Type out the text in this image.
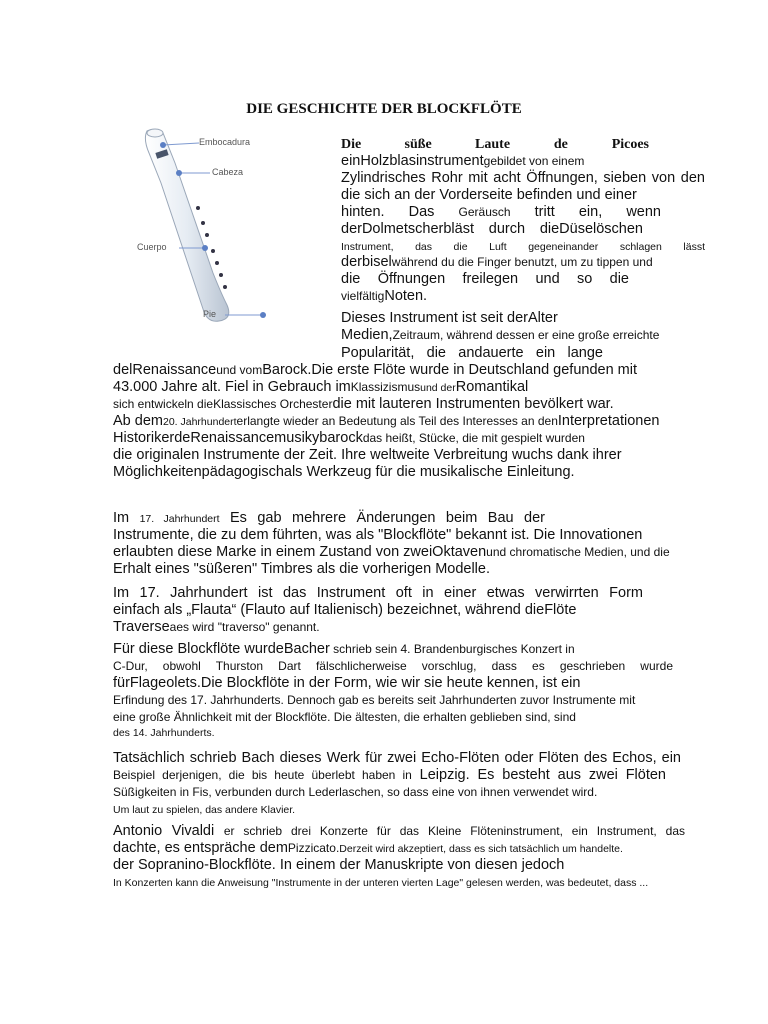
DIE GESCHICHTE DER BLOCKFLÖTE
Embocadura
Cabeza
Cuerpo
Pie
Die süße Laute	de	Picoes
einHolzblasinstrumentgebildet von einem
Zylindrisches Rohr mit acht Öffnungen, sieben von den
die sich an der Vorderseite befinden und einer
hinten. Das Geräusch tritt ein, wenn
derDolmetscherbläst durch dieDüselöschen
Instrument, das die Luft gegeneinander schlagen lässt
derbiselwährend du die Finger benutzt, um zu tippen und
die Öffnungen freilegen und so die
vielfältigNoten.
Dieses Instrument ist seit derAlter
Medien,Zeitraum, während dessen er eine große erreichte
Popularität, die andauerte ein lange
delRenaissanceund vomBarock.Die erste Flöte wurde in Deutschland gefunden mit
43.000 Jahre alt. Fiel in Gebrauch imKlassizismusund derRomantikal
sich entwickeln dieKlassisches Orchesterdie mit lauteren Instrumenten bevölkert war.
Ab dem20. Jahrhunderterlangte wieder an Bedeutung als Teil des Interesses an denInterpretationen
HistorikerdeRenaissancemusikybarockdas heißt, Stücke, die mit gespielt wurden
die originalen Instrumente der Zeit. Ihre weltweite Verbreitung wuchs dank ihrer
Möglichkeitenpädagogischals Werkzeug für die musikalische Einleitung.
Im 17. Jahrhundert Es gab mehrere Änderungen beim Bau der
Instrumente, die zu dem führten, was als "Blockflöte" bekannt ist. Die Innovationen
erlaubten diese Marke in einem Zustand von zweiOktavenund chromatische Medien, und die
Erhalt eines "süßeren" Timbres als die vorherigen Modelle.
Im 17. Jahrhundert ist das Instrument oft in einer etwas verwirrten Form
einfach als „Flauta“ (Flauto auf Italienisch) bezeichnet, während dieFlöte
Traverseaes wird "traverso" genannt.
Für diese Blockflöte wurdeBacher schrieb sein 4. Brandenburgisches Konzert in
C-Dur, obwohl Thurston Dart fälschlicherweise vorschlug, dass es geschrieben wurde
fürFlageolets.Die Blockflöte in der Form, wie wir sie heute kennen, ist ein
Erfindung des 17. Jahrhunderts. Dennoch gab es bereits seit Jahrhunderten zuvor Instrumente mit
eine große Ähnlichkeit mit der Blockflöte. Die ältesten, die erhalten geblieben sind, sind
des 14. Jahrhunderts.
Tatsächlich schrieb Bach dieses Werk für zwei Echo-Flöten oder Flöten des Echos, ein
Beispiel derjenigen, die bis heute überlebt haben in Leipzig. Es besteht aus zwei Flöten
Süßigkeiten in Fis, verbunden durch Lederlaschen, so dass eine von ihnen verwendet wird.
Um laut zu spielen, das andere Klavier.
Antonio Vivaldi er schrieb drei Konzerte für das Kleine Flöteninstrument, ein Instrument, das
dachte, es entspräche demPizzicato.Derzeit wird akzeptiert, dass es sich tatsächlich um handelte.
der Sopranino-Blockflöte. In einem der Manuskripte von diesen jedoch
In Konzerten kann die Anweisung "Instrumente in der unteren vierten Lage" gelesen werden, was bedeutet, dass ...
